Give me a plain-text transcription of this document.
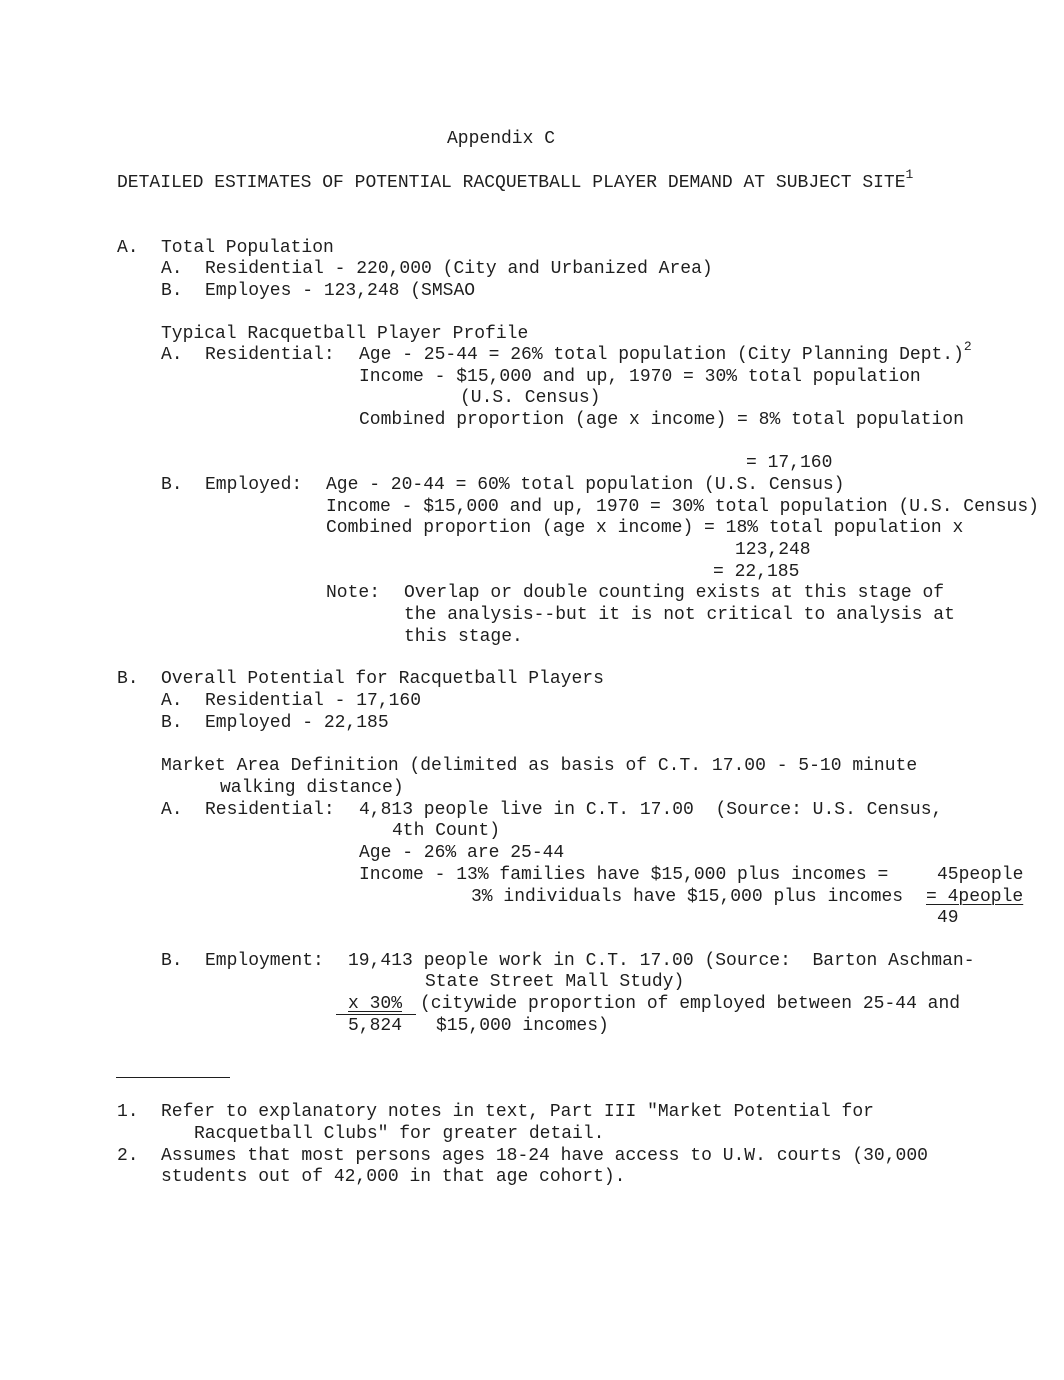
Appendix C
DETAILED ESTIMATES OF POTENTIAL RACQUETBALL PLAYER DEMAND AT SUBJECT SITE$^1$
A. Total Population
A. Residential - 220,000 (City and Urbanized Area)
B. Employes - 123,248 (SMSAO
Typical Racquetball Player Profile
A. Residential: Age - 25-44 = 26% total population (City Planning Dept.)$^2$
Income - $15,000 and up, 1970 = 30% total population
(U.S. Census)
Combined proportion (age x income) = 8% total population
= 17,160
B. Employed: Age - 20-44 = 60% total population (U.S. Census)
Income - $15,000 and up, 1970 = 30% total population (U.S. Census)
Combined proportion (age x income) = 18% total population x
123,248
= 22,185
Note: Overlap or double counting exists at this stage of
the analysis--but it is not critical to analysis at
this stage.
B. Overall Potential for Racquetball Players
A. Residential - 17,160
B. Employed - 22,185
Market Area Definition (delimited as basis of C.T. 17.00 - 5-10 minute
walking distance)
A. Residential: 4,813 people live in C.T. 17.00  (Source: U.S. Census,
4th Count)
Age - 26% are 25-44
Income - 13% families have $15,000 plus incomes =	45people
3% individuals have $15,000 plus incomes = 4people
49
B. Employment: 19,413 people work in C.T. 17.00 (Source:  Barton Aschman-
State Street Mall Study)
x 30% (citywide proportion of employed between 25-44 and
5,824 $15,000 incomes)
1. Refer to explanatory notes in text, Part III "Market Potential for
Racquetball Clubs" for greater detail.
2. Assumes that most persons ages 18-24 have access to U.W. courts (30,000
students out of 42,000 in that age cohort).
